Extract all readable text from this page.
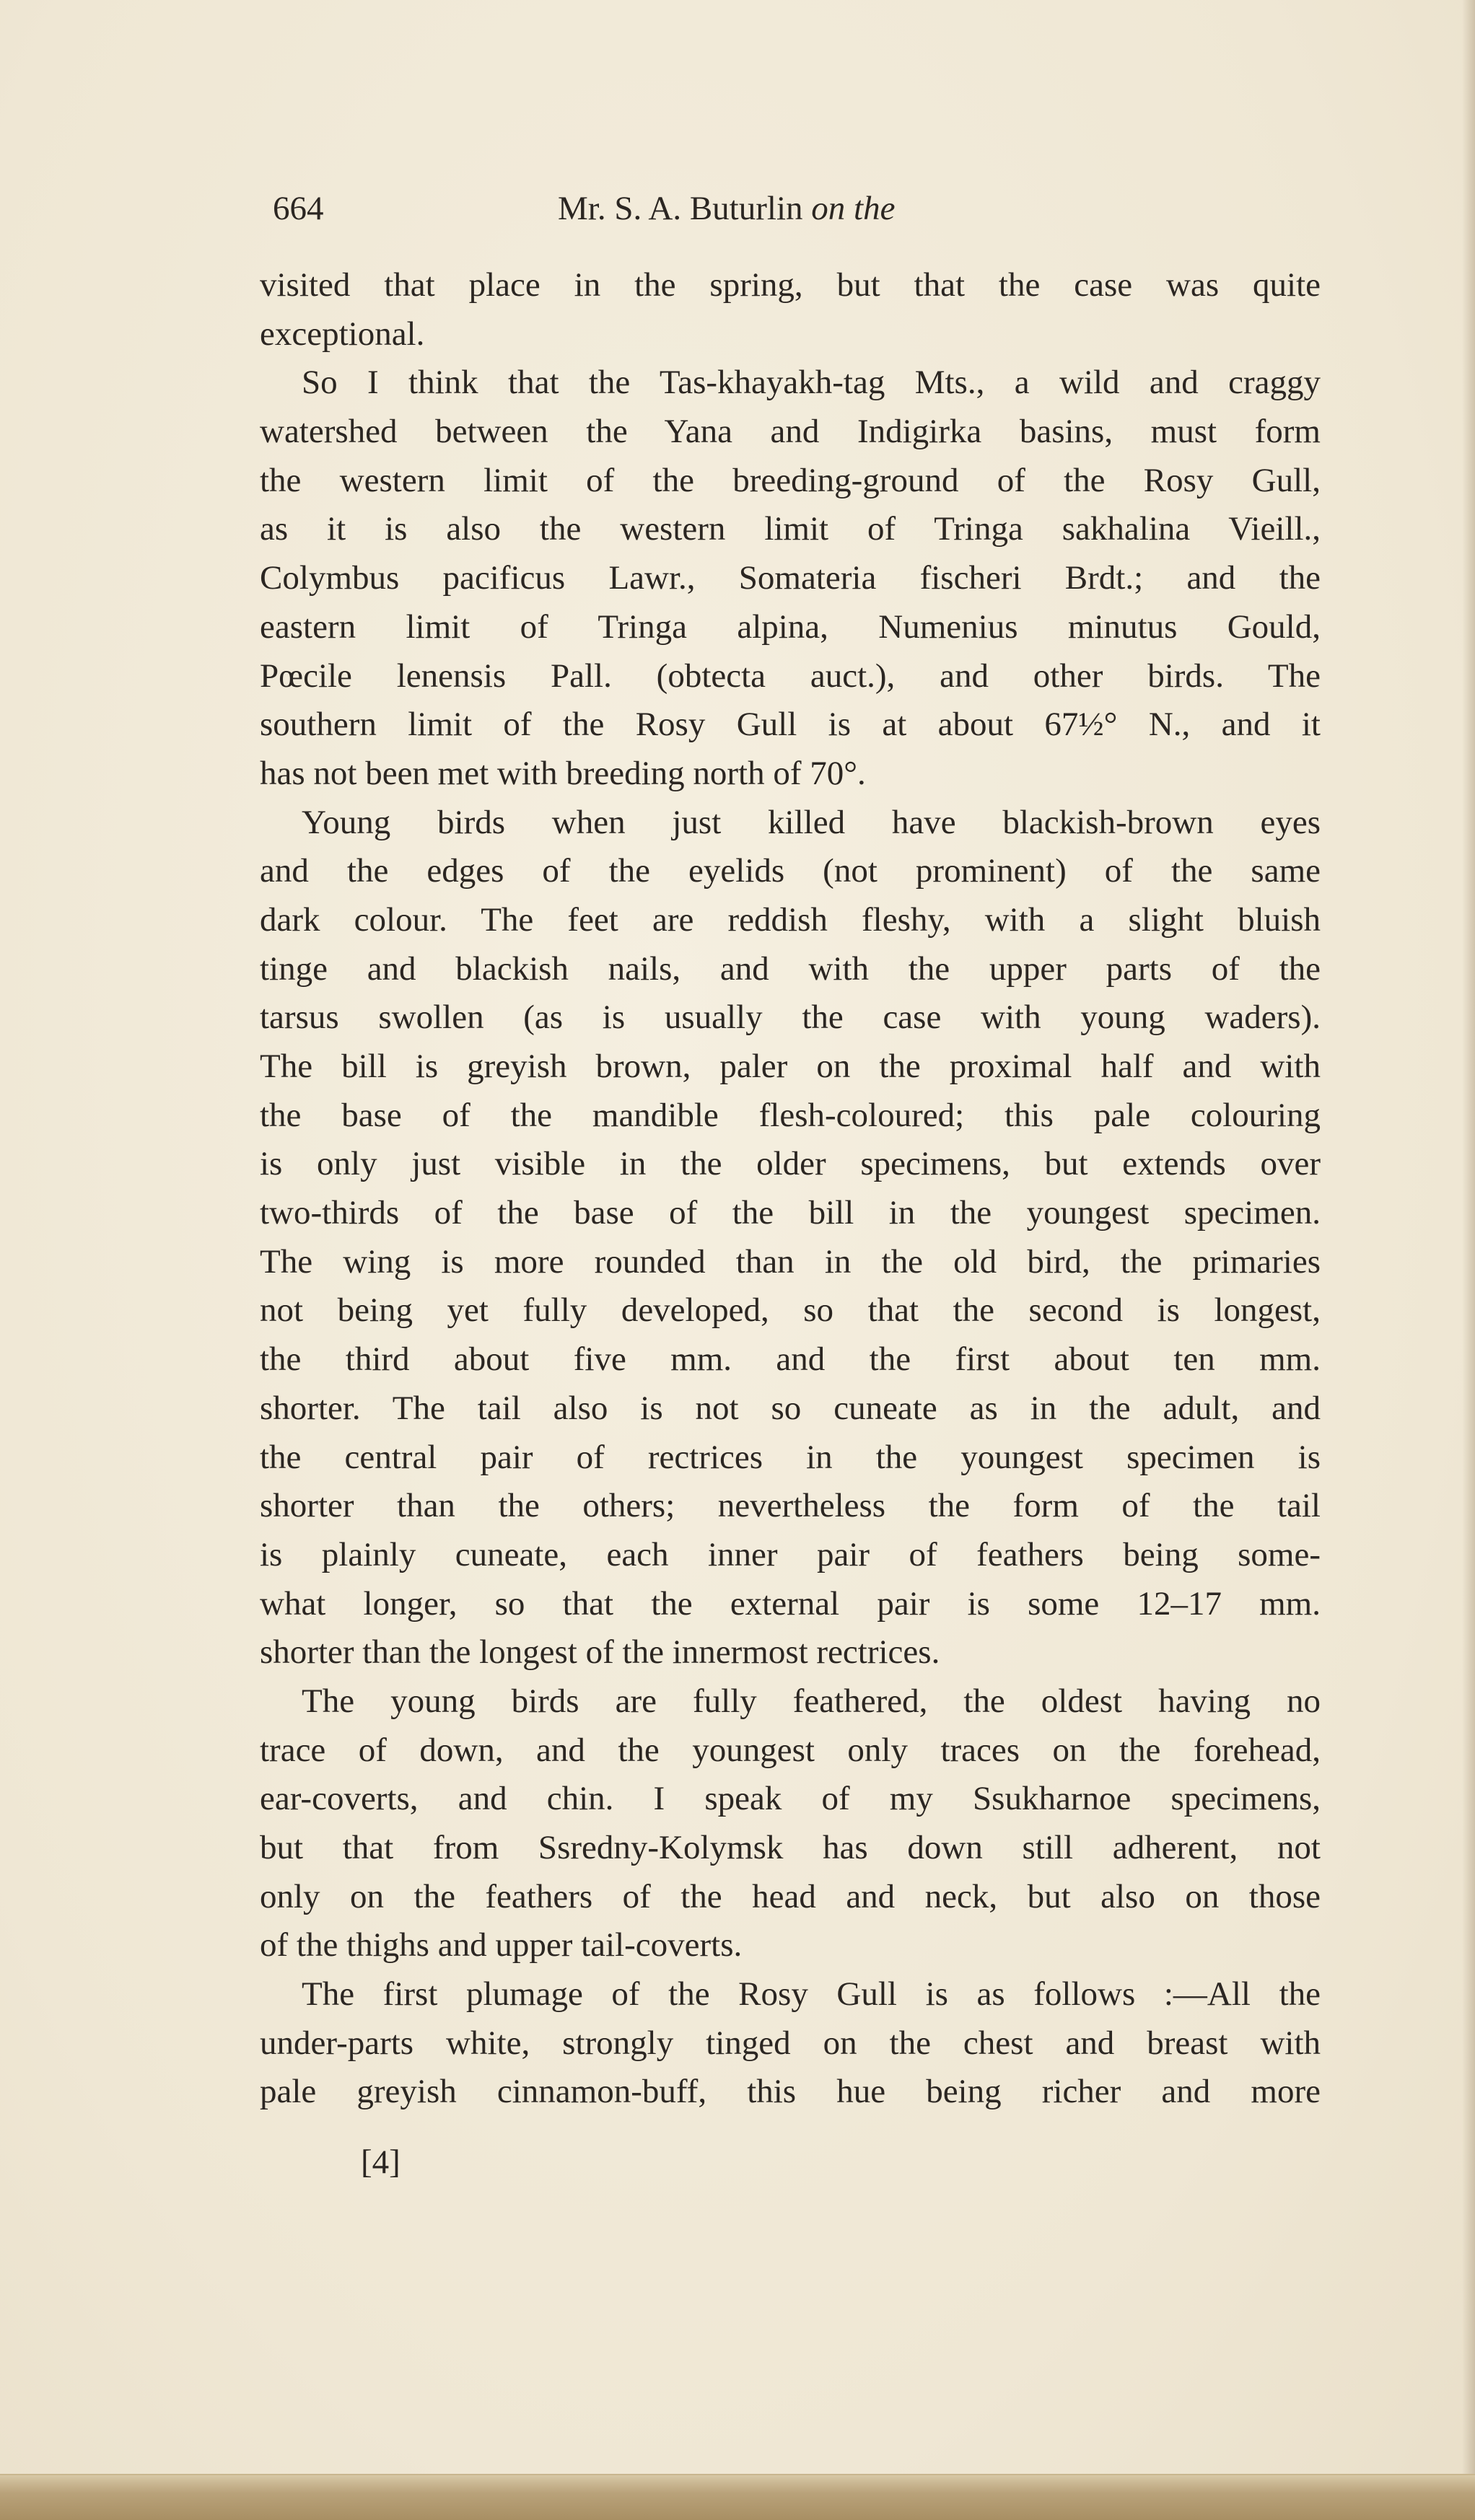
664	Mr. S. A. Buturlin on the
visited that place in the spring, but that the case was quite
exceptional.
So I think that the Tas-khayakh-tag Mts., a wild and craggy
watershed between the Yana and Indigirka basins, must form
the western limit of the breeding-ground of the Rosy Gull,
as it is also the western limit of Tringa sakhalina Vieill.,
Colymbus pacificus Lawr., Somateria fischeri Brdt.; and the
eastern limit of Tringa alpina, Numenius minutus Gould,
Pœcile lenensis Pall. (obtecta auct.), and other birds. The
southern limit of the Rosy Gull is at about 67½° N., and it
has not been met with breeding north of 70°.
Young birds when just killed have blackish-brown eyes
and the edges of the eyelids (not prominent) of the same
dark colour. The feet are reddish fleshy, with a slight bluish
tinge and blackish nails, and with the upper parts of the
tarsus swollen (as is usually the case with young waders).
The bill is greyish brown, paler on the proximal half and with
the base of the mandible flesh-coloured; this pale colouring
is only just visible in the older specimens, but extends over
two-thirds of the base of the bill in the youngest specimen.
The wing is more rounded than in the old bird, the primaries
not being yet fully developed, so that the second is longest,
the third about five mm. and the first about ten mm.
shorter. The tail also is not so cuneate as in the adult, and
the central pair of rectrices in the youngest specimen is
shorter than the others; nevertheless the form of the tail
is plainly cuneate, each inner pair of feathers being some-
what longer, so that the external pair is some 12–17 mm.
shorter than the longest of the innermost rectrices.
The young birds are fully feathered, the oldest having no
trace of down, and the youngest only traces on the forehead,
ear-coverts, and chin. I speak of my Ssukharnoe specimens,
but that from Ssredny-Kolymsk has down still adherent, not
only on the feathers of the head and neck, but also on those
of the thighs and upper tail-coverts.
The first plumage of the Rosy Gull is as follows :—All the
under-parts white, strongly tinged on the chest and breast with
pale greyish cinnamon-buff, this hue being richer and more
[4]
